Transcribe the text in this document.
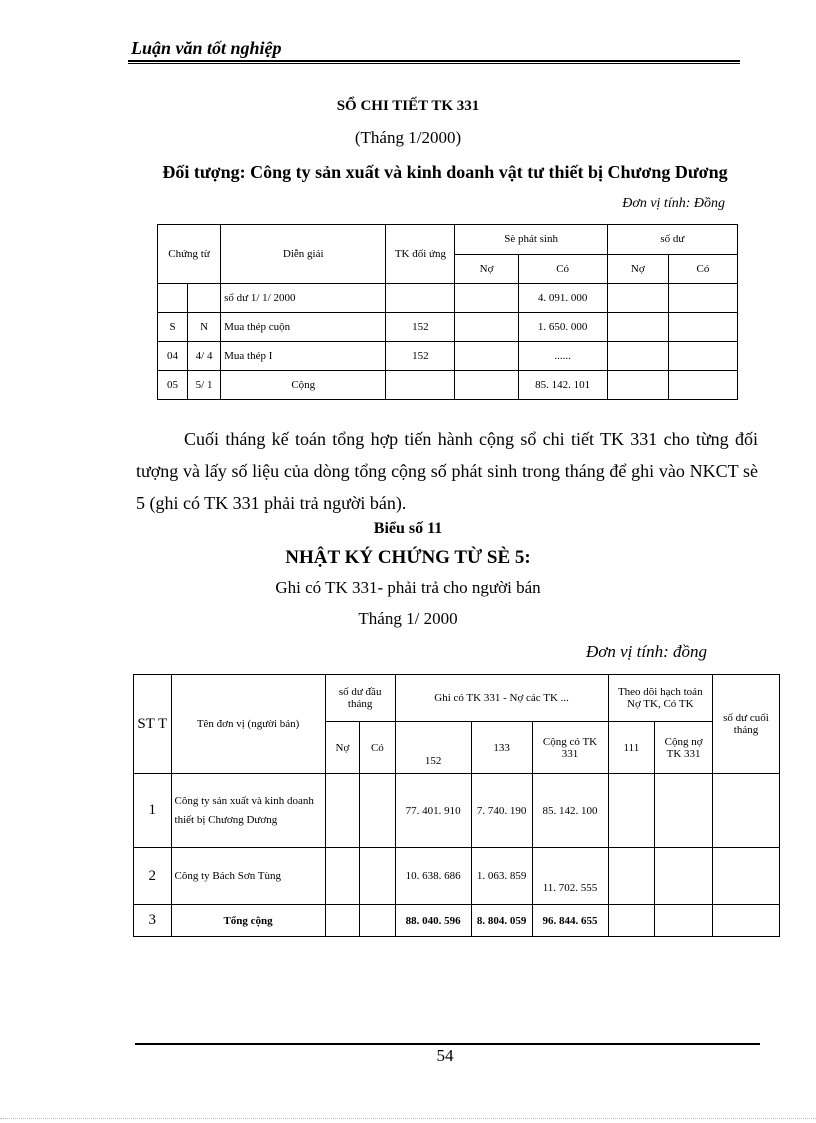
Luận văn tốt nghiệp
SỔ CHI TIẾT TK 331
(Tháng 1/2000)
Đối tượng: Công ty sản xuất và kinh doanh vật tư thiết bị Chương Dương
Đơn vị tính: Đồng
Chứng từ		Diễn giải	TK đối ứng	Sè phát sinh		số dư	
				Nợ	Có	Nợ	Có
		số dư 1/ 1/ 2000			4. 091. 000		
S	N	Mua thép cuộn	152		1. 650. 000		
04	4/ 4	Mua thép I	152		......		
05	5/ 1	Cộng			85. 142. 101		
Cuối tháng kế toán tổng hợp tiến hành cộng sổ chi tiết TK 331 cho từng đối tượng và lấy số liệu của dòng tổng cộng số phát sinh trong tháng để ghi vào NKCT sè 5 (ghi có TK 331 phải trả người bán).
Biểu số 11
NHẬT KÝ CHỨNG TỪ SÈ 5:
Ghi có TK 331- phải trả cho người bán
Tháng 1/ 2000
Đơn vị tính: đồng
ST T	Tên đơn vị (người bán)	số dư đầu tháng		Ghi có TK 331 - Nợ các TK ...			Theo dõi hạch toán Nợ TK, Có TK		số dư cuối tháng
		Nợ	Có	152	133	Cộng có TK 331	111	Cộng nợ TK 331	
1	Công ty sản xuất và kinh doanh thiết bị Chương Dương			77. 401. 910	7. 740. 190	85. 142. 100			
2	Công ty Bách Sơn Tùng			10. 638. 686	1. 063. 859	11. 702. 555			
3	Tổng cộng			88. 040. 596	8. 804. 059	96. 844. 655			
54
